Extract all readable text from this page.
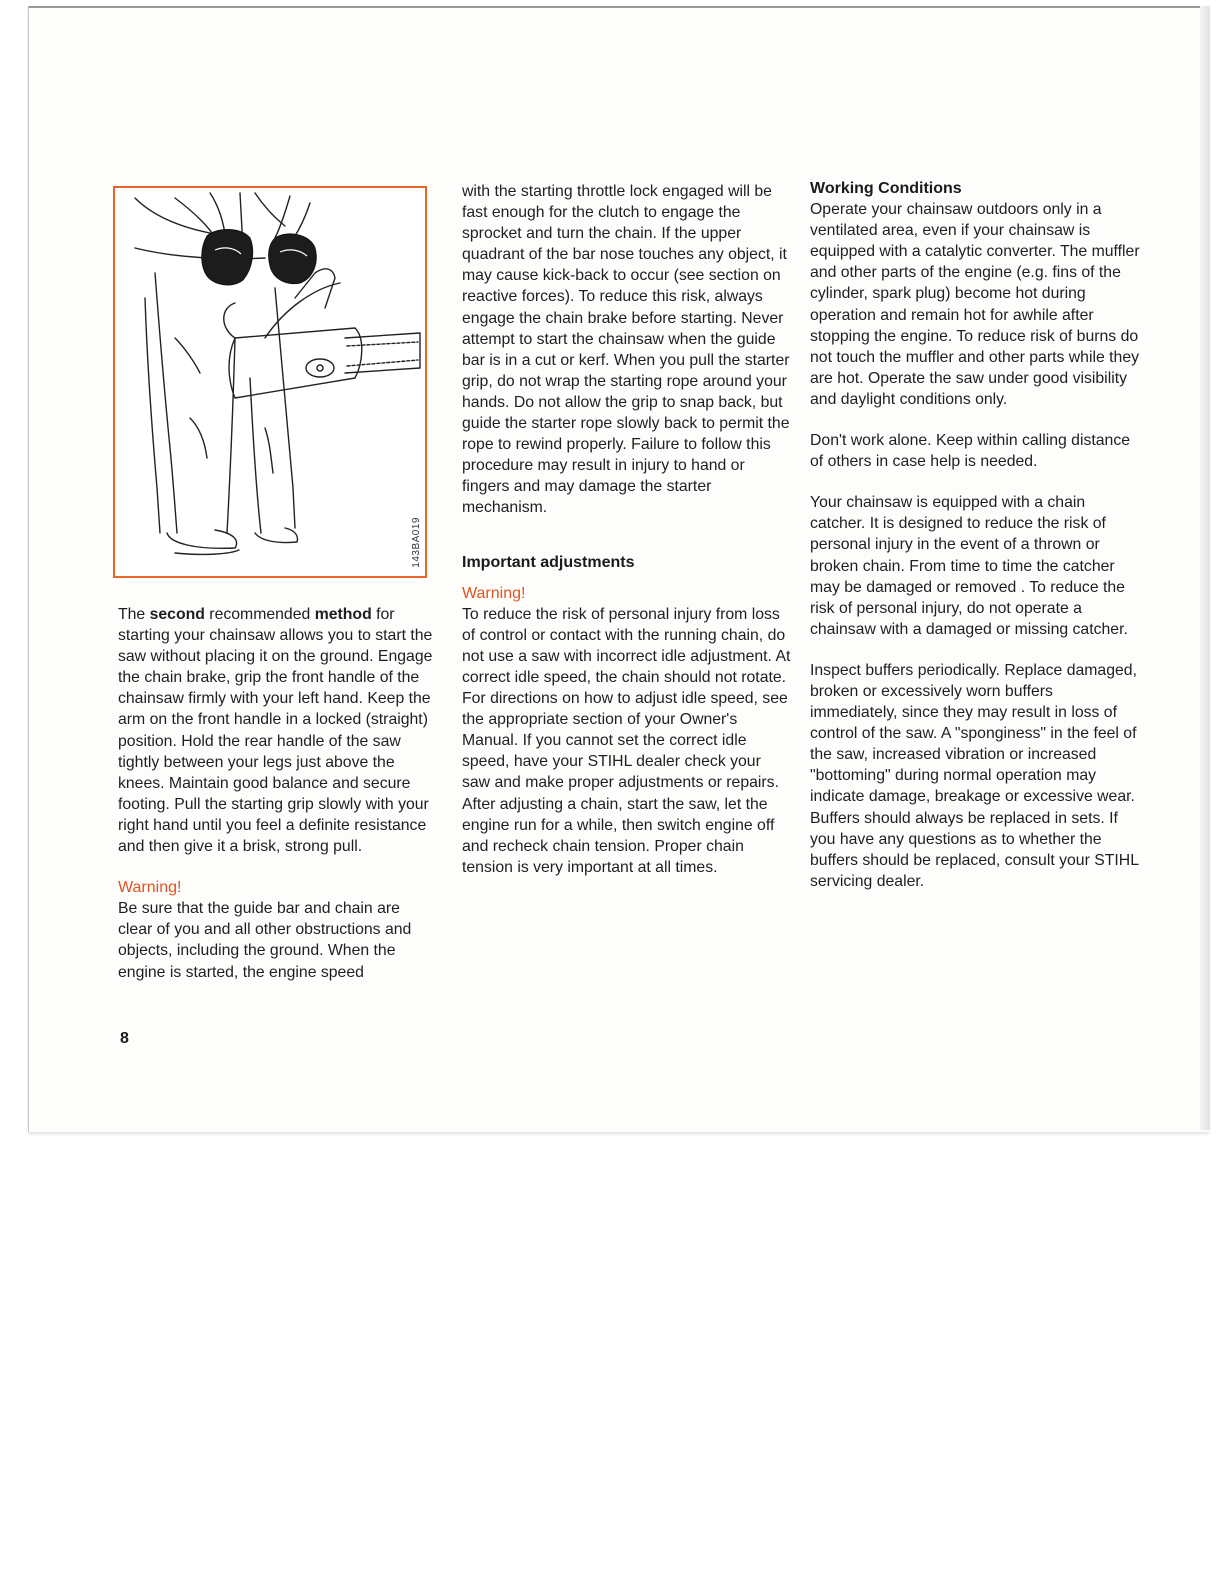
143BA019

The second recommended method for starting your chainsaw allows you to start the saw without placing it on the ground. Engage the chain brake, grip the front handle of the chainsaw firmly with your left hand. Keep the arm on the front handle in a locked (straight) position. Hold the rear handle of the saw tightly between your legs just above the knees. Maintain good balance and secure footing. Pull the starting grip slowly with your right hand until you feel a definite resistance and then give it a brisk, strong pull.

Warning!

Be sure that the guide bar and chain are clear of you and all other obstructions and objects, including the ground. When the engine is started, the engine speed

with the starting throttle lock engaged will be fast enough for the clutch to engage the sprocket and turn the chain. If the upper quadrant of the bar nose touches any object, it may cause kick-back to occur (see section on reactive forces). To reduce this risk, always engage the chain brake before starting. Never attempt to start the chainsaw when the guide bar is in a cut or kerf. When you pull the starter grip, do not wrap the starting rope around your hands. Do not allow the grip to snap back, but guide the starter rope slowly back to permit the rope to rewind properly. Failure to follow this procedure may result in injury to hand or fingers and may damage the starter mechanism.

Important adjustments

Warning!

To reduce the risk of personal injury from loss of control or contact with the running chain, do not use a saw with incorrect idle adjustment. At correct idle speed, the chain should not rotate. For directions on how to adjust idle speed, see the appropriate section of your Owner's Manual. If you cannot set the correct idle speed, have your STIHL dealer check your saw and make proper adjustments or repairs. After adjusting a chain, start the saw, let the engine run for a while, then switch engine off and recheck chain tension. Proper chain tension is very important at all times.

Working Conditions

Operate your chainsaw outdoors only in a ventilated area, even if your chainsaw is equipped with a catalytic converter. The muffler and other parts of the engine (e.g. fins of the cylinder, spark plug) become hot during operation and remain hot for awhile after stopping the engine. To reduce risk of burns do not touch the muffler and other parts while they are hot. Operate the saw under good visibility and daylight conditions only.

Don't work alone. Keep within calling distance of others in case help is needed.

Your chainsaw is equipped with a chain catcher. It is designed to reduce the risk of personal injury in the event of a thrown or broken chain. From time to time the catcher may be damaged or removed . To reduce the risk of personal injury, do not operate a chainsaw with a damaged or missing catcher.

Inspect buffers periodically. Replace damaged, broken or excessively worn buffers immediately, since they may result in loss of control of the saw. A "sponginess" in the feel of the saw, increased vibration or increased "bottoming" during normal operation may indicate damage, breakage or excessive wear. Buffers should always be replaced in sets. If you have any questions as to whether the buffers should be replaced, consult your STIHL servicing dealer.

8
